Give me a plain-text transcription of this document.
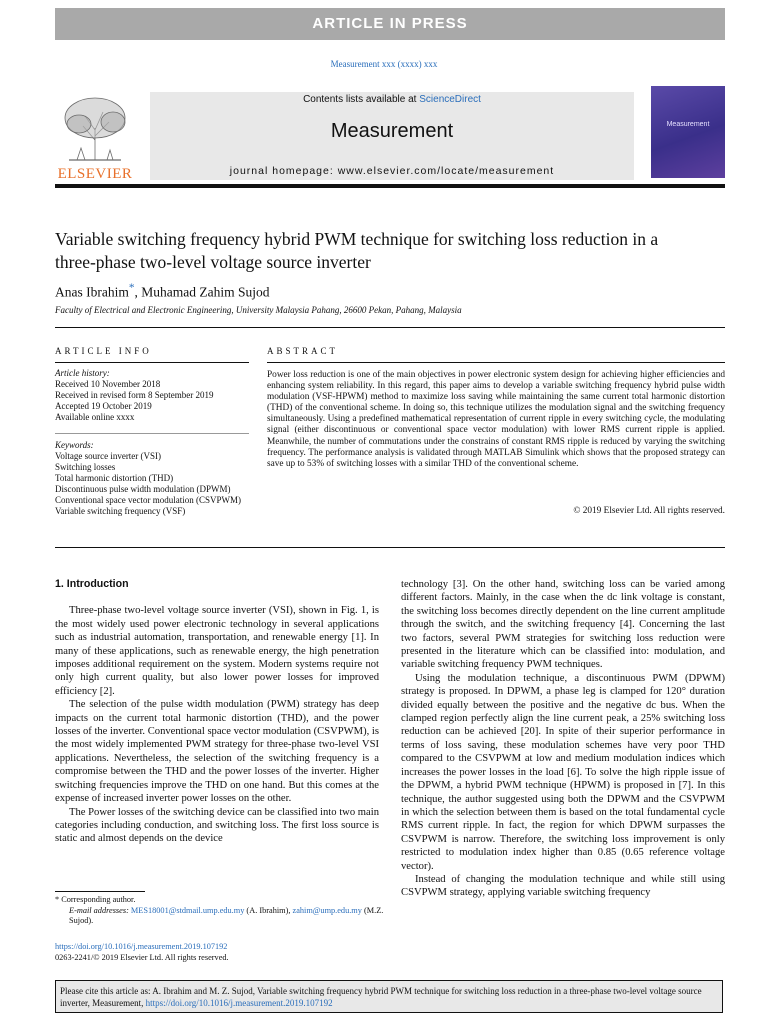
ARTICLE IN PRESS
Measurement xxx (xxxx) xxx
ELSEVIER
Contents lists available at ScienceDirect
Measurement
journal homepage: www.elsevier.com/locate/measurement
Measurement
Variable switching frequency hybrid PWM technique for switching loss reduction in a three-phase two-level voltage source inverter
Anas Ibrahim*, Muhamad Zahim Sujod
Faculty of Electrical and Electronic Engineering, University Malaysia Pahang, 26600 Pekan, Pahang, Malaysia
ARTICLE INFO	ABSTRACT
Article history:
Received 10 November 2018
Received in revised form 8 September 2019
Accepted 19 October 2019
Available online xxxx
Keywords:
Voltage source inverter (VSI)
Switching losses
Total harmonic distortion (THD)
Discontinuous pulse width modulation (DPWM)
Conventional space vector modulation (CSVPWM)
Variable switching frequency (VSF)
Power loss reduction is one of the main objectives in power electronic system design for achieving higher efficiencies and enhancing system reliability. In this regard, this paper aims to develop a variable switching frequency hybrid pulse width modulation (VSF-HPWM) method to maximize loss saving while maintaining the same current total harmonic distortion (THD) of the conventional scheme. In doing so, this technique utilizes the modulation signal and the switching frequency simultaneously. Using a predefined mathematical representation of current ripple in every switching cycle, the modulating signal (either discontinuous or conventional space vector modulation) with lower RMS current ripple is applied. Meanwhile, the number of commutations under the constrains of constant RMS ripple is reduced by varying the switching frequency. The performance analysis is validated through MATLAB Simulink which shows that the proposed strategy can save up to 53% of switching losses with a similar THD of the conventional scheme.
© 2019 Elsevier Ltd. All rights reserved.
1. Introduction

Three-phase two-level voltage source inverter (VSI), shown in Fig. 1, is the most widely used power electronic technology in several applications such as industrial automation, transportation, and renewable energy [1]. In many of these applications, such as renewable energy, the high penetration imposes additional requirement on the system. Modern systems require not only high current quality, but also lower power losses for improved efficiency [2].

The selection of the pulse width modulation (PWM) strategy has deep impacts on the current total harmonic distortion (THD), and the power losses of the inverter. Conventional space vector modulation (CSVPWM), is the most widely implemented PWM strategy for three-phase two-level VSI applications. Nevertheless, the selection of the switching frequency is a compromise between the THD and the power losses of the inverter. Higher switching frequencies improve the THD on one hand. But this comes at the expense of increased inverter power losses on the other.

The Power losses of the switching device can be classified into two main categories including conduction, and switching loss. The first loss source is static and almost depends on the device

technology [3]. On the other hand, switching loss can be varied among different factors. Mainly, in the case when the dc link voltage is constant, the switching loss becomes directly dependent on the line current amplitude through the switch, and the switching frequency [4]. Concerning the last two factors, several PWM strategies for switching loss reduction were presented in the literature which can be classified into: modulation, and variable switching frequency PWM techniques.

Using the modulation technique, a discontinuous PWM (DPWM) strategy is proposed. In DPWM, a phase leg is clamped for 120° duration divided equally between the positive and the negative dc bus. When the clamped region perfectly align the line current peak, a 25% switching loss reduction can be achieved [20]. In spite of their superior performance in terms of loss saving, these modulation schemes have very poor THD compared to the CSVPWM at low and medium modulation indices which increases the power losses in the load [6]. To solve the high ripple issue of the DPWM, a hybrid PWM technique (HPWM) is proposed in [7]. In this technique, the author suggested using both the DPWM and the CSVPWM in which the selection between them is based on the total fundamental cycle RMS current ripple. In fact, the region for which DPWM surpasses the CSVPWM is narrow. Therefore, the switching loss improvement is only restricted to modulation index higher than 0.85 (0.65 reference voltage vector).

Instead of changing the modulation technique and while still using CSVPWM strategy, applying variable switching frequency

* Corresponding author.
E-mail addresses: MES18001@stdmail.ump.edu.my (A. Ibrahim), zahim@ump.edu.my (M.Z. Sujod).
https://doi.org/10.1016/j.measurement.2019.107192
0263-2241/© 2019 Elsevier Ltd. All rights reserved.
Please cite this article as: A. Ibrahim and M. Z. Sujod, Variable switching frequency hybrid PWM technique for switching loss reduction in a three-phase two-level voltage source inverter, Measurement, https://doi.org/10.1016/j.measurement.2019.107192
